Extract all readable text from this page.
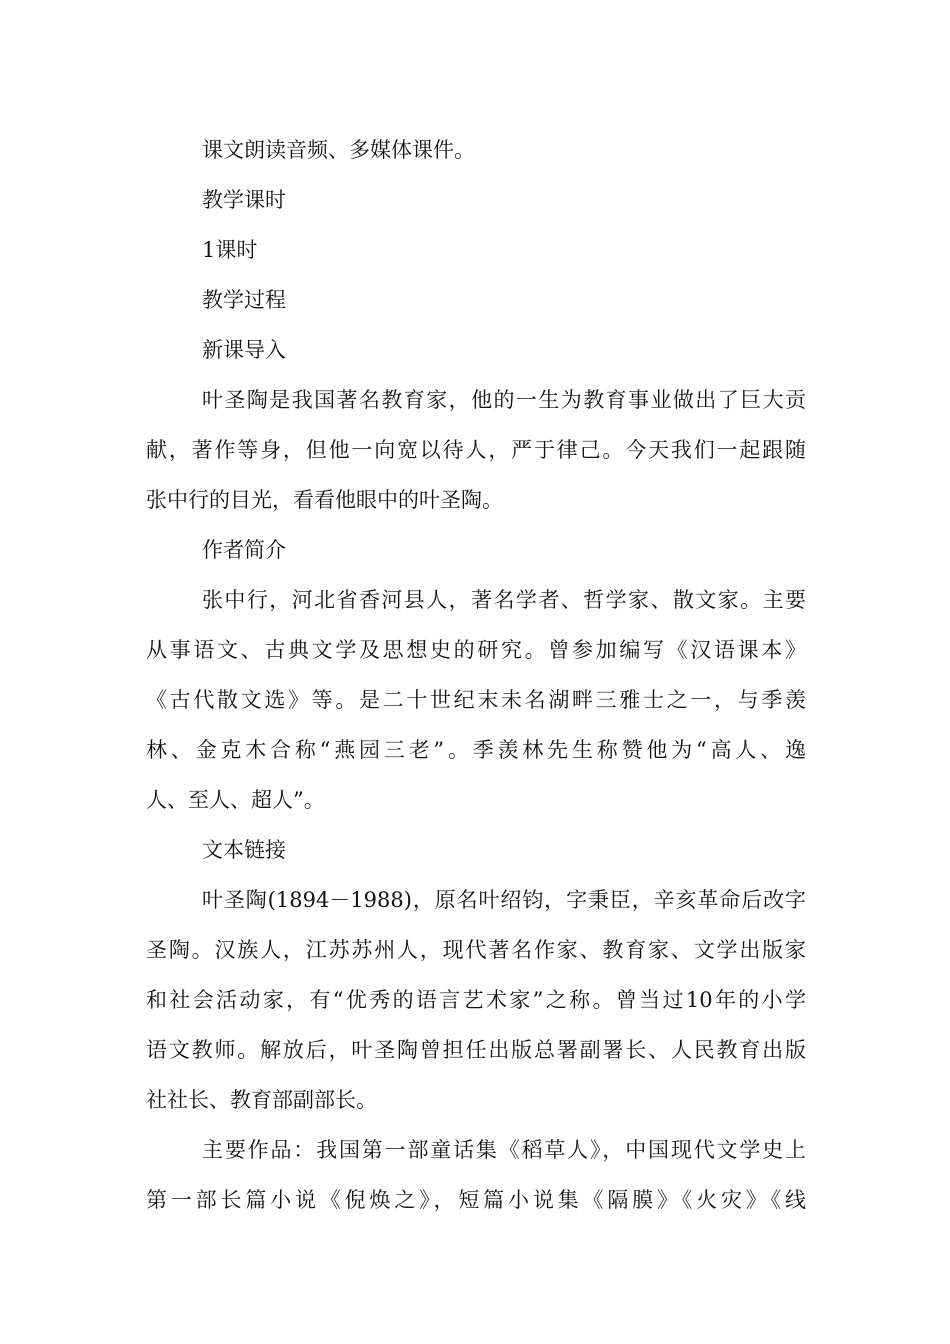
课文朗读音频、多媒体课件。
教学课时
1课时
教学过程
新课导入
叶圣陶是我国著名教育家，他的一生为教育事业做出了巨大贡
献，著作等身，但他一向宽以待人，严于律己。今天我们一起跟随
张中行的目光，看看他眼中的叶圣陶。
作者简介
张中行，河北省香河县人，著名学者、哲学家、散文家。主要
从事语文、古典文学及思想史的研究。曾参加编写《汉语课本》
《古代散文选》等。是二十世纪末未名湖畔三雅士之一，与季羡
林、金克木合称“燕园三老”。季羡林先生称赞他为“高人、逸
人、至人、超人”。
文本链接
叶圣陶(1894－1988)，原名叶绍钧，字秉臣，辛亥革命后改字
圣陶。汉族人，江苏苏州人，现代著名作家、教育家、文学出版家
和社会活动家，有“优秀的语言艺术家”之称。曾当过10年的小学
语文教师。解放后，叶圣陶曾担任出版总署副署长、人民教育出版
社社长、教育部副部长。
主要作品：我国第一部童话集《稻草人》，中国现代文学史上
第一部长篇小说《倪焕之》，短篇小说集《隔膜》《火灾》《线
